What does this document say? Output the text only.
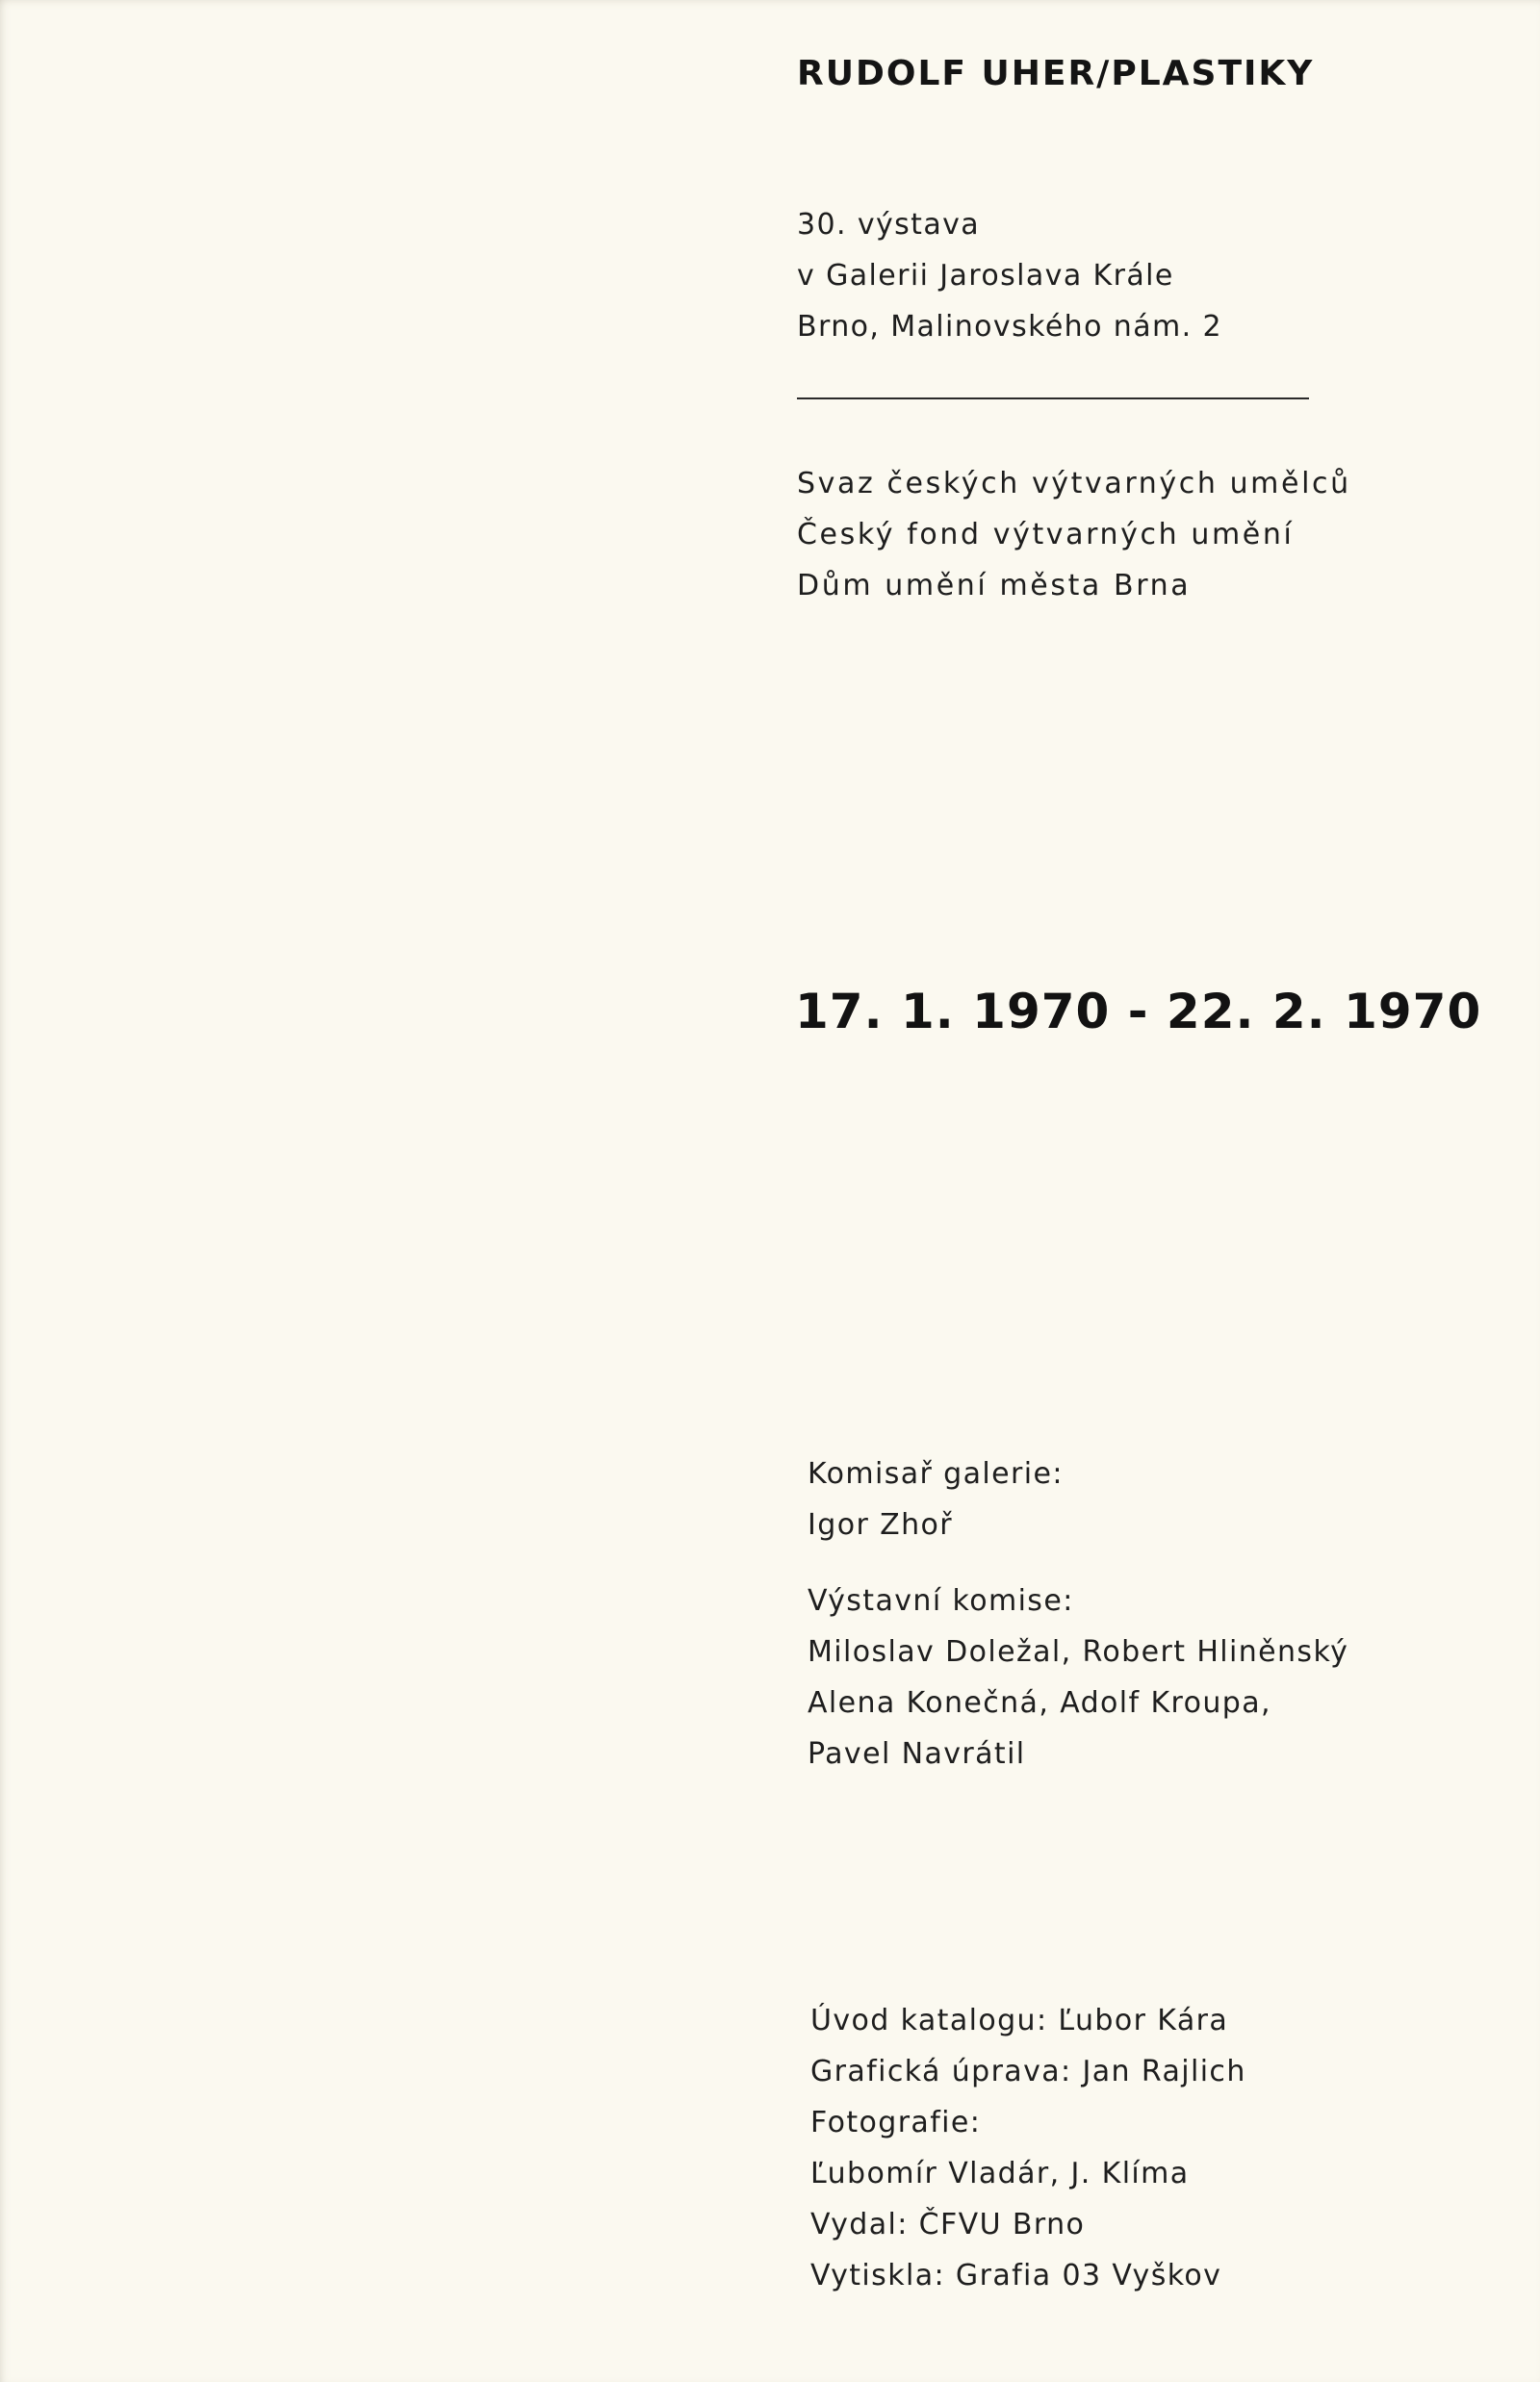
RUDOLF UHER/PLASTIKY
30. výstava
v Galerii Jaroslava Krále
Brno, Malinovského nám. 2
Svaz českých výtvarných umělců
Český fond výtvarných umění
Dům umění města Brna
17. 1. 1970 - 22. 2. 1970
Komisař galerie:
Igor Zhoř
Výstavní komise:
Miloslav Doležal, Robert Hliněnský
Alena Konečná, Adolf Kroupa,
Pavel Navrátil
Úvod katalogu: Ľubor Kára
Grafická úprava: Jan Rajlich
Fotografie:
Ľubomír Vladár, J. Klíma
Vydal: ČFVU Brno
Vytiskla: Grafia 03 Vyškov
